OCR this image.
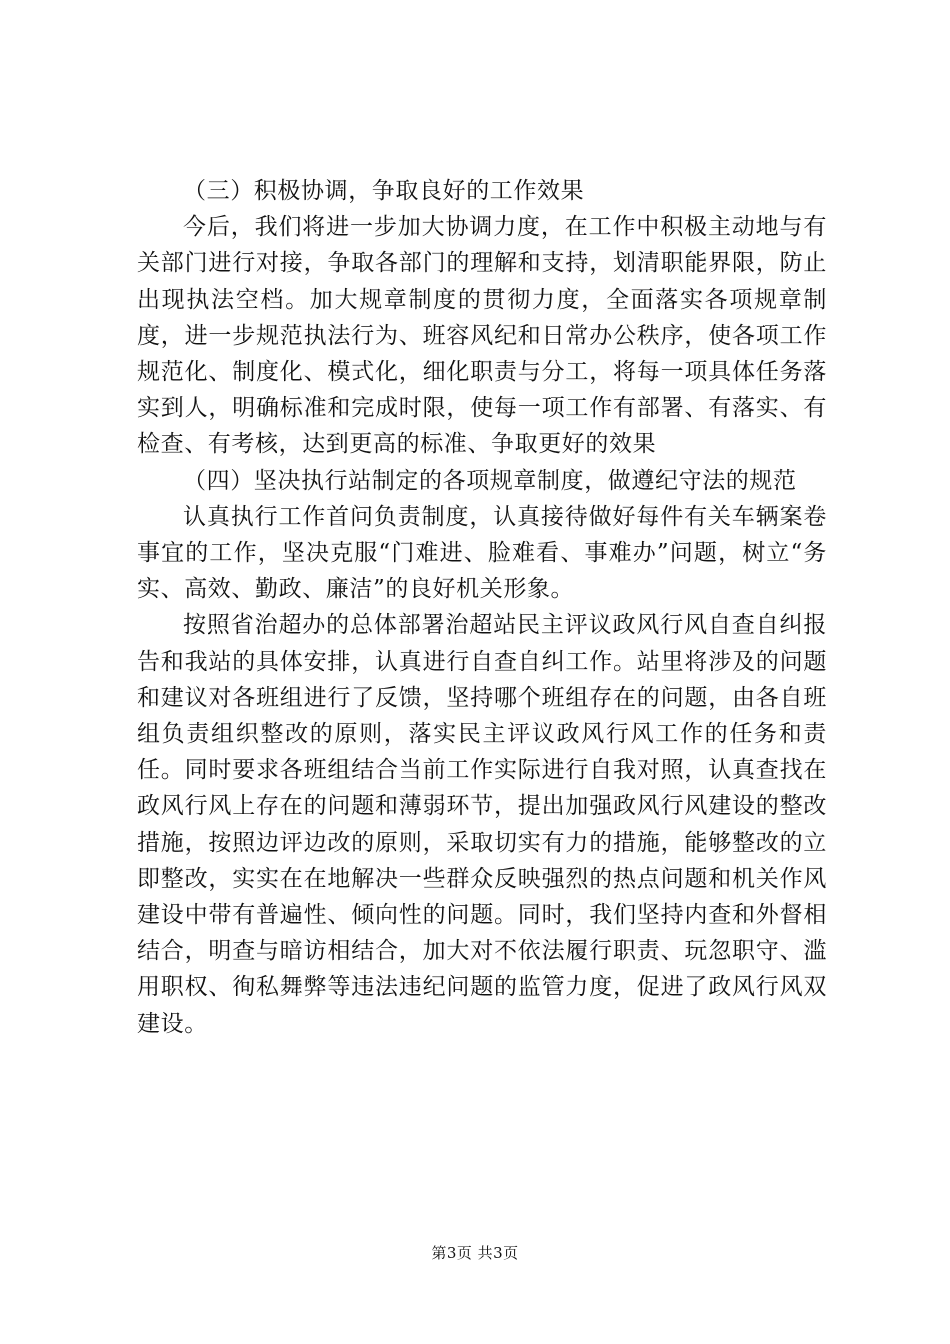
（三）积极协调，争取良好的工作效果

今后，我们将进一步加大协调力度，在工作中积极主动地与有关部门进行对接，争取各部门的理解和支持，划清职能界限，防止出现执法空档。加大规章制度的贯彻力度，全面落实各项规章制度，进一步规范执法行为、班容风纪和日常办公秩序，使各项工作规范化、制度化、模式化，细化职责与分工，将每一项具体任务落实到人，明确标准和完成时限，使每一项工作有部署、有落实、有检查、有考核，达到更高的标准、争取更好的效果

（四）坚决执行站制定的各项规章制度，做遵纪守法的规范

认真执行工作首问负责制度，认真接待做好每件有关车辆案卷事宜的工作，坚决克服“门难进、脸难看、事难办”问题，树立“务实、高效、勤政、廉洁”的良好机关形象。

按照省治超办的总体部署治超站民主评议政风行风自查自纠报告和我站的具体安排，认真进行自查自纠工作。站里将涉及的问题和建议对各班组进行了反馈，坚持哪个班组存在的问题，由各自班组负责组织整改的原则，落实民主评议政风行风工作的任务和责任。同时要求各班组结合当前工作实际进行自我对照，认真查找在政风行风上存在的问题和薄弱环节，提出加强政风行风建设的整改措施，按照边评边改的原则，采取切实有力的措施，能够整改的立即整改，实实在在地解决一些群众反映强烈的热点问题和机关作风建设中带有普遍性、倾向性的问题。同时，我们坚持内查和外督相结合，明查与暗访相结合，加大对不依法履行职责、玩忽职守、滥用职权、徇私舞弊等违法违纪问题的监管力度，促进了政风行风双建设。

第3页 共3页
